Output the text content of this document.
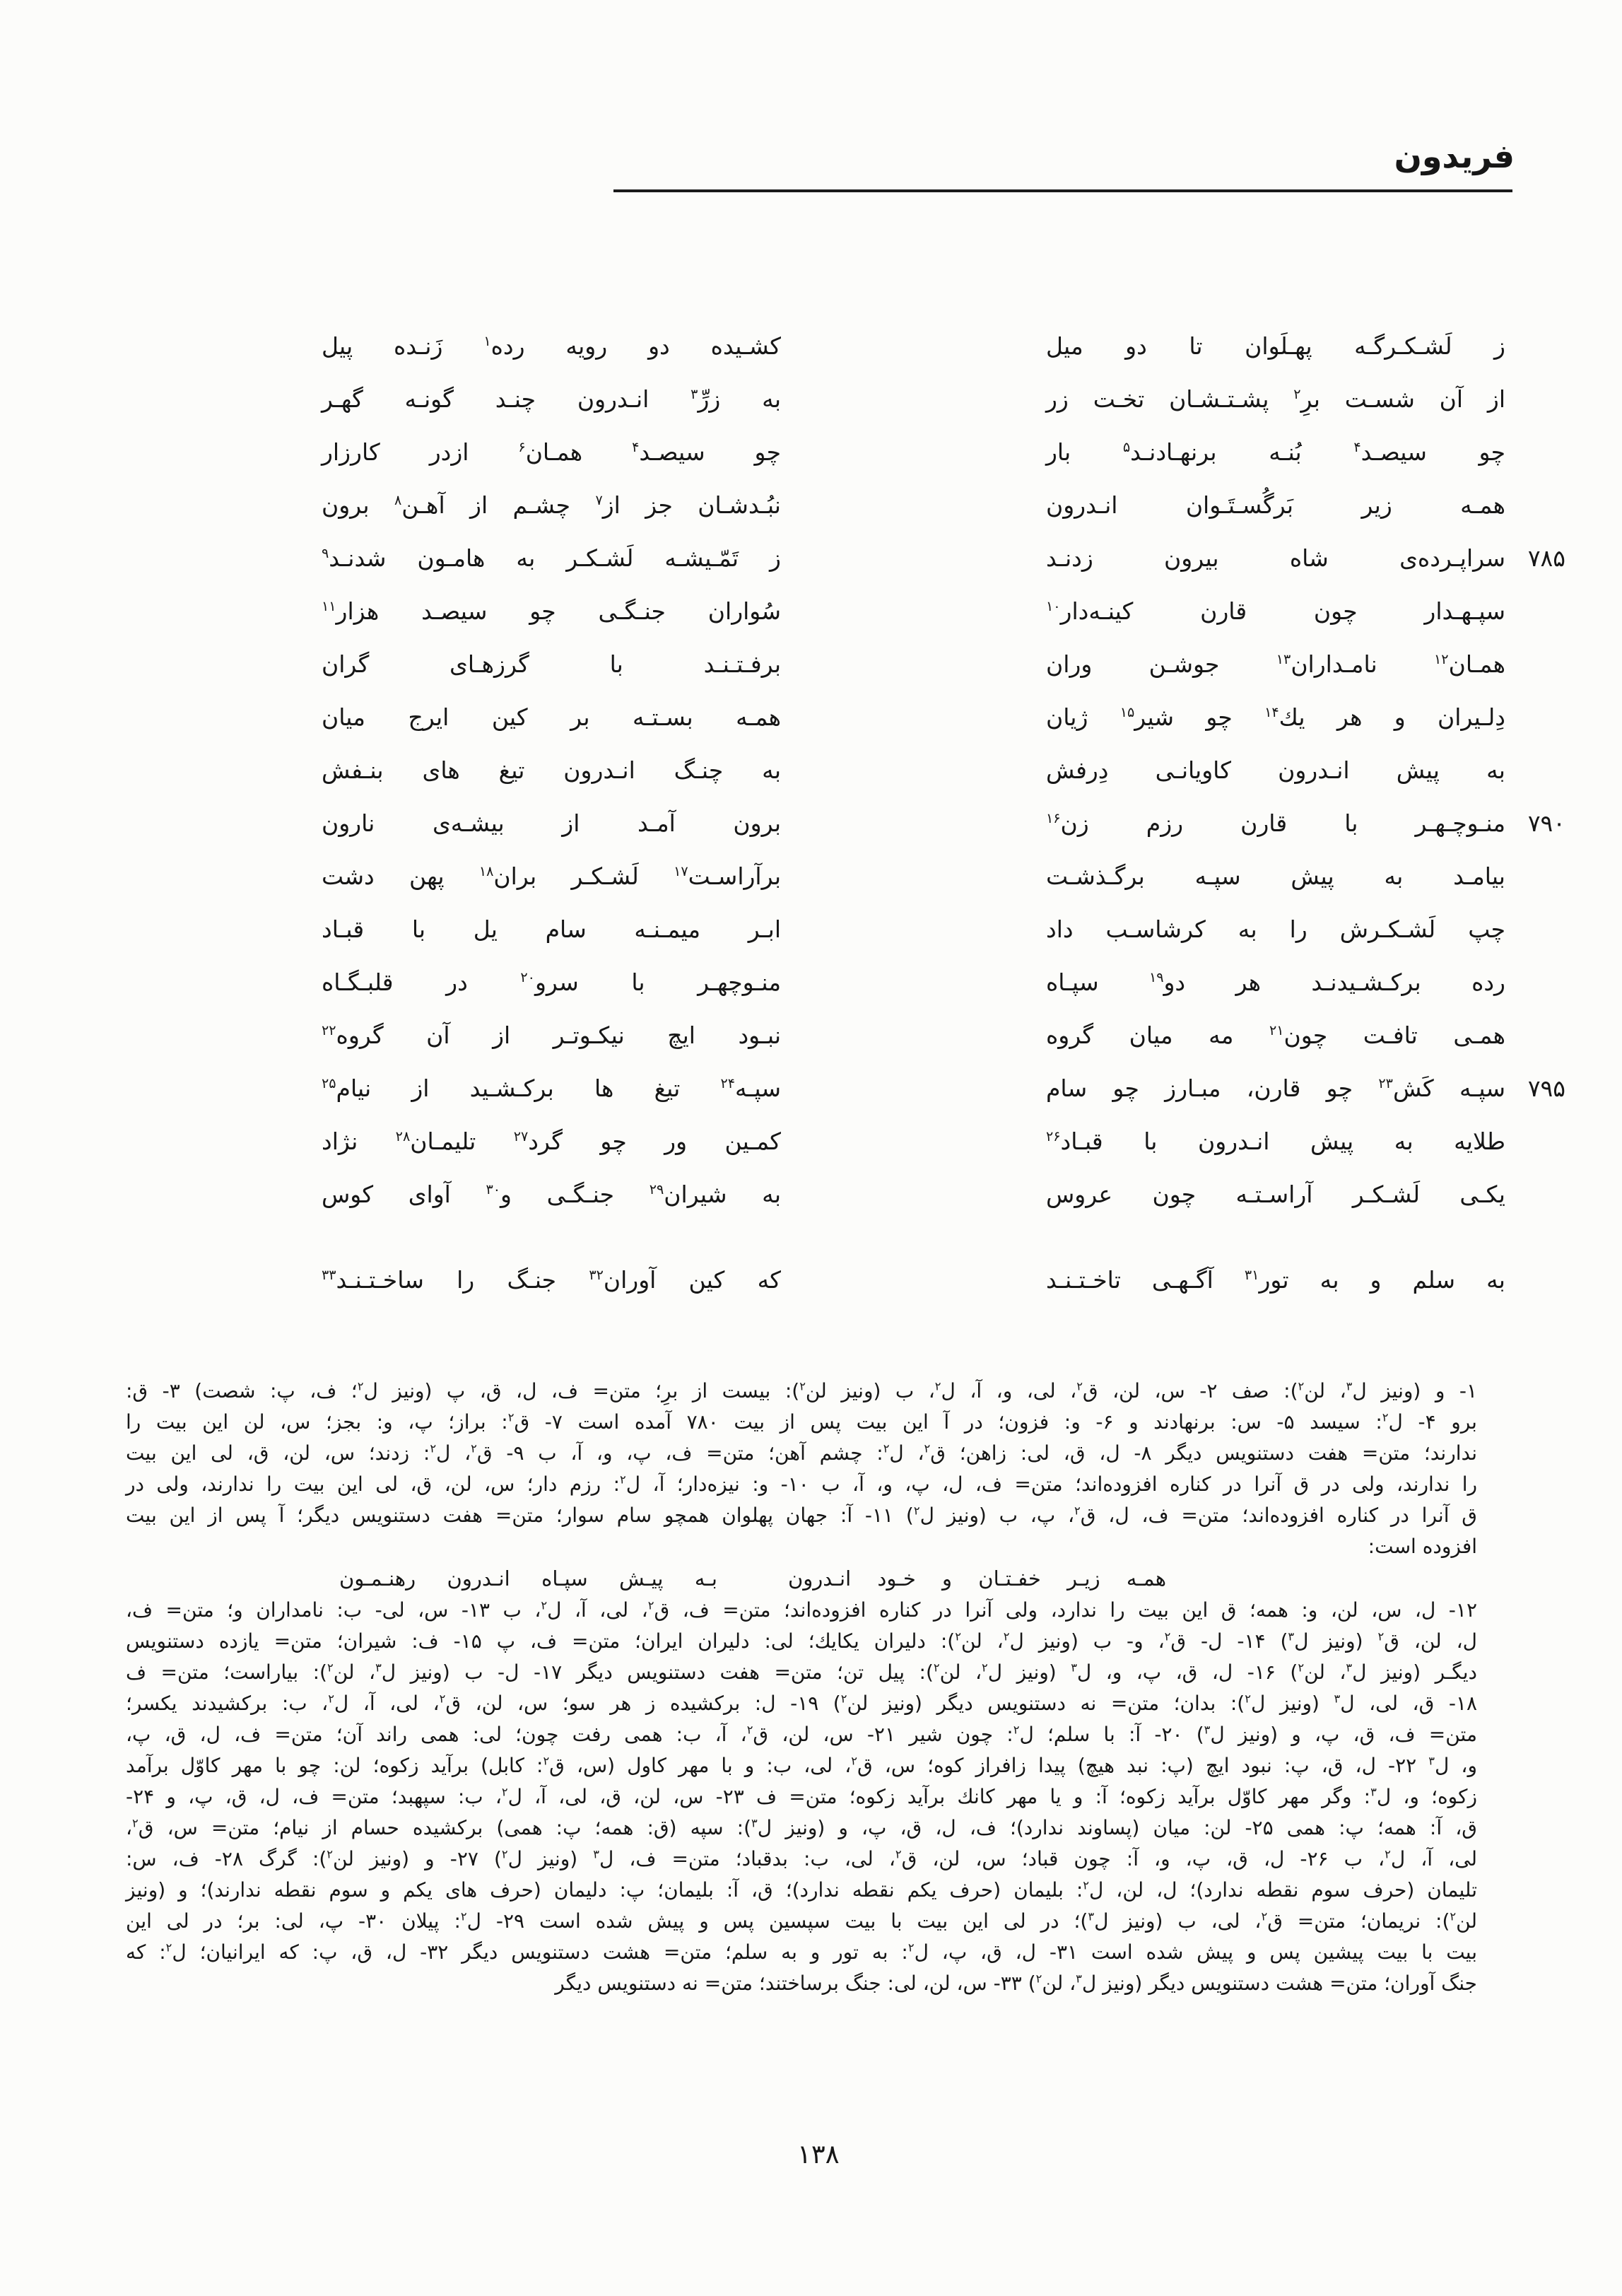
فریدون
ز لَشـکـرگـه پهـلَوان تا دو میل
کشـیده دو رویه رده$^۱$ زَنـده پیل
از آن شسـت برِ$^۲$ پشـتـشـان تخـت زر
به زرِّ$^۳$ انـدرون چنـد گونـه گهـر
چو سیصـد$^۴$ بُنـه برنهـادنـد$^۵$ بار
چو سیصـد$^۴$ همـان$^۶$ ازدر کارزار
همـه زیر بَرگُسـتَـوان انـدرون
نبُـدشـان جز از$^۷$ چشـم از آهـن$^۸$ برون
۷۸۵
سراپـرده‌ی شاه بیرون زدنـد
ز تَمّـیشـه لَشـکـر به هامـون شدنـد$^۹$
سپـهـدار چون قارن کینـه‌دار$^{۱۰}$
سُواران جنـگـی چو سیصـد هزار$^{۱۱}$
همـان$^{۱۲}$ نامـداران$^{۱۳}$ جوشـن وران
برفـتـنـد با گرزهـای گران
دِلـیران و هر یك$^{۱۴}$ چو شیر$^{۱۵}$ ژیان
همـه بسـتـه بر کین ایرج میان
به پیش انـدرون کاویانـی دِرفش
به چنـگ انـدرون تیغ های بنـفش
۷۹۰
منـوچـهـر با قارن رزم زن$^{۱۶}$
برون آمـد از بیشـه‌ی نارون
بیامـد به پیش سپـه برگـذشـت
برآراسـت$^{۱۷}$ لَشـکـر بران$^{۱۸}$ پهن دشت
چپ لَشـکـرش را به کرشاسـب داد
ابـر میمـنـه سام یل با قبـاد
رده برکـشـیدنـد هر دو$^{۱۹}$ سپـاه
منـوچهـر با سرو$^{۲۰}$ در قلبـگـاه
همـی تافـت چون$^{۲۱}$ مه میان گروه
نبـود ایچ نیکـوتـر از آن گروه$^{۲۲}$
۷۹۵
سپـه کَش$^{۲۳}$ چو قارن، مبـارز چو سام
سپـه$^{۲۴}$ تیغ ها برکـشـید از نیام$^{۲۵}$
طلایه به پیش انـدرون با قبـاد$^{۲۶}$
کمـین ور چو گرد$^{۲۷}$ تلیمـان$^{۲۸}$ نژاد
یکـی لَشـکـر آراسـتـه چون عروس
به شیران$^{۲۹}$ جنـگـی و$^{۳۰}$ آوای کوس
به سلم و به تور$^{۳۱}$ آگـهـی تاخـتـنـد
که کین آوران$^{۳۲}$ جنـگ را ساخـتـنـد$^{۳۳}$
۱- و (ونیز ل$^۳$، لن$^۲$): صف ۲- س، لن، ق$^۲$، لی، و، آ، ل$^۲$، ب (ونیز لن$^۲$): بیست از برِ؛ متن= ف، ل، ق، پ (ونیز ل$^۲$؛ ف، پ: شصت) ۳- ق:
برو ۴- ل$^۲$: سیسد ۵- س: برنهادند و ۶- و: فزون؛ در آ این بیت پس از بیت ۷۸۰ آمده است ۷- ق$^۲$: براز؛ پ، و: بجز؛ س، لن این بیت را
ندارند؛ متن= هفت دستنویس دیگر ۸- ل، ق، لی: زاهن؛ ق$^۲$، ل$^۲$: چشم آهن؛ متن= ف، پ، و، آ، ب ۹- ق$^۲$، ل$^۲$: زدند؛ س، لن، ق، لی این بیت
را ندارند، ولی در ق آنرا در کناره افزوده‌اند؛ متن= ف، ل، پ، و، آ، ب ۱۰- و: نیزه‌دار؛ آ، ل$^۲$: رزم دار؛ س، لن، ق، لی این بیت را ندارند، ولی در
ق آنرا در کناره افزوده‌اند؛ متن= ف، ل، ق$^۲$، پ، ب (ونیز ل$^۲$) ۱۱- آ: جهان پهلوان همچو سام سوار؛ متن= هفت دستنویس دیگر؛ آ پس از این بیت
افزوده است:
همـه زیـر خفـتـان و خـود انـدرون
بـه پیـش سپـاه انـدرون رهنـمـون
۱۲- ل، س، لن، و: همه؛ ق این بیت را ندارد، ولی آنرا در کناره افزوده‌اند؛ متن= ف، ق$^۲$، لی، آ، ل$^۲$، ب ۱۳- س، لی- ب: نامداران و؛ متن= ف،
ل، لن، ق$^۲$ (ونیز ل$^۳$) ۱۴- ل- ق$^۲$، و- ب (ونیز ل$^۲$، لن$^۲$): دلیران یکایك؛ لی: دلیران ایران؛ متن= ف، پ ۱۵- ف: شیران؛ متن= یازده دستنویس
دیگـر (ونیز ل$^۳$، لن$^۲$) ۱۶- ل، ق، پ، و، ل$^۳$ (ونیز ل$^۲$، لن$^۲$): پیل تن؛ متن= هفت دستنویس دیگر ۱۷- ل- ب (ونیز ل$^۳$، لن$^۲$): بیاراست؛ متن= ف
۱۸- ق، لی، ل$^۳$ (ونیز ل$^۲$): بدان؛ متن= نه دستنویس دیگر (ونیز لن$^۲$) ۱۹- ل: برکشیده ز هر سو؛ س، لن، ق$^۲$، لی، آ، ل$^۲$، ب: برکشیدند یکسر؛
متن= ف، ق، پ، و (ونیز ل$^۳$) ۲۰- آ: با سلم؛ ل$^۲$: چون شیر ۲۱- س، لن، ق$^۲$، آ، ب: همی رفت چون؛ لی: همی راند آن؛ متن= ف، ل، ق، پ،
و، ل$^۳$ ۲۲- ل، ق، پ: نبود ایچ (پ: نبد هیچ) پیدا زافراز کوه؛ س، ق$^۲$، لی، ب: و با مهر کاول (س، ق$^۲$: کابل) برآید زکوه؛ لن: چو با مهر کاوّل برآمد
زکوه؛ و، ل$^۳$: وگر مهر کاوّل برآید زکوه؛ آ: و یا مهر کانك برآید زکوه؛ متن= ف ۲۳- س، لن، ق، لی، آ، ل$^۲$، ب: سپهبد؛ متن= ف، ل، ق، پ، و ۲۴-
ق، آ: همه؛ پ: همی ۲۵- لن: میان (پساوند ندارد)؛ ف، ل، ق، پ، و (ونیز ل$^۳$): سپه (ق: همه؛ پ: همی) برکشیده حسام از نیام؛ متن= س، ق$^۲$،
لی، آ، ل$^۲$، ب ۲۶- ل، ق، پ، و، آ: چون قباد؛ س، لن، ق$^۲$، لی، ب: بدقباد؛ متن= ف، ل$^۳$ (ونیز ل$^۲$) ۲۷- و (ونیز لن$^۲$): گرگ ۲۸- ف، س:
تلیمان (حرف سوم نقطه ندارد)؛ ل، لن، ل$^۲$: بلیمان (حرف یکم نقطه ندارد)؛ ق، آ: بلیمان؛ پ: دلیمان (حرف های یکم و سوم نقطه ندارند)؛ و (ونیز
لن$^۲$): نریمان؛ متن= ق$^۲$، لی، ب (ونیز ل$^۳$)؛ در لی این بیت با بیت سپسین پس و پیش شده است ۲۹- ل$^۲$: پیلان ۳۰- پ، لی: بر؛ در لی این
بیت با بیت پیشین پس و پیش شده است ۳۱- ل، ق، پ، ل$^۲$: به تور و به سلم؛ متن= هشت دستنویس دیگر ۳۲- ل، ق، پ: که ایرانیان؛ ل$^۲$: که
جنگ آوران؛ متن= هشت دستنویس دیگر (ونیز ل$^۳$، لن$^۲$) ۳۳- س، لن، لی: جنگ برساختند؛ متن= نه دستنویس دیگر
۱۳۸
